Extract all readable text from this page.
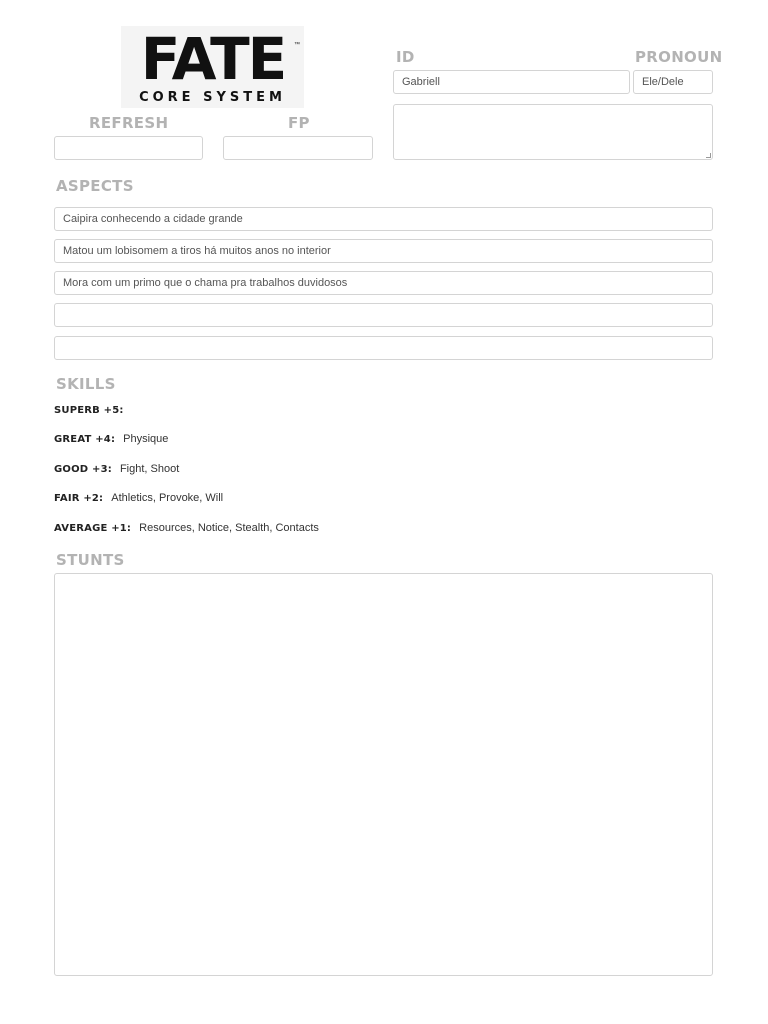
FATE	™
CORE SYSTEM
ID	PRONOUN
Gabriell
Ele/Dele
REFRESH	FP
ASPECTS
Caipira conhecendo a cidade grande
Matou um lobisomem a tiros há muitos anos no interior
Mora com um primo que o chama pra trabalhos duvidosos
SKILLS
SUPERB +5:
GREAT +4: Physique
GOOD +3: Fight, Shoot
FAIR +2: Athletics, Provoke, Will
AVERAGE +1: Resources, Notice, Stealth, Contacts
STUNTS
